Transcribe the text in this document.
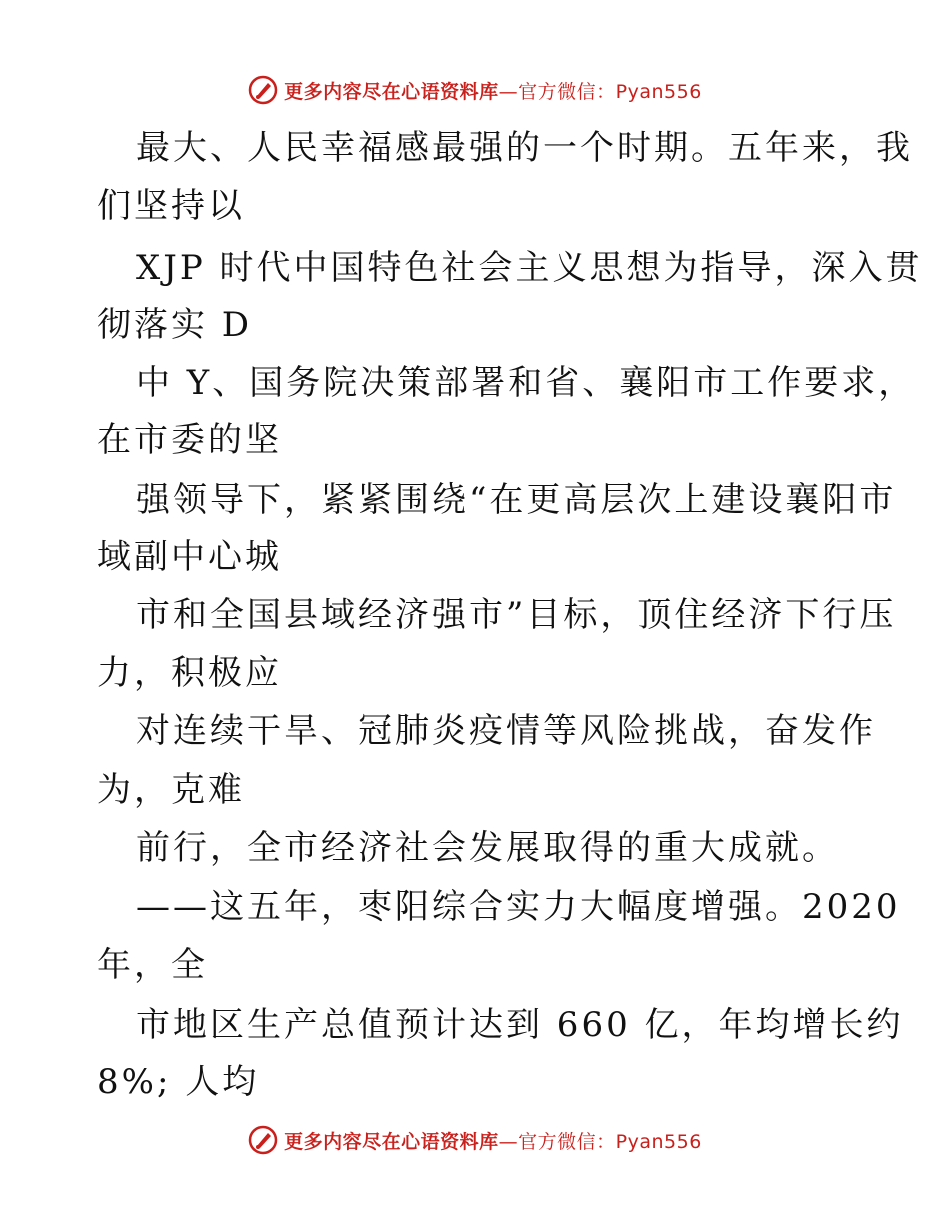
更多内容尽在心语资料库—官方微信：Pyan556
最大、人民幸福感最强的一个时期。五年来，我
们坚持以
XJP 时代中国特色社会主义思想为指导，深入贯
彻落实 D
中 Y、国务院决策部署和省、襄阳市工作要求，
在市委的坚
强领导下，紧紧围绕“在更高层次上建设襄阳市
域副中心城
市和全国县域经济强市”目标，顶住经济下行压
力，积极应
对连续干旱、冠肺炎疫情等风险挑战，奋发作
为，克难
前行，全市经济社会发展取得的重大成就。
——这五年，枣阳综合实力大幅度增强。2020
年，全
市地区生产总值预计达到 660 亿，年均增长约
8%; 人均
更多内容尽在心语资料库—官方微信：Pyan556
